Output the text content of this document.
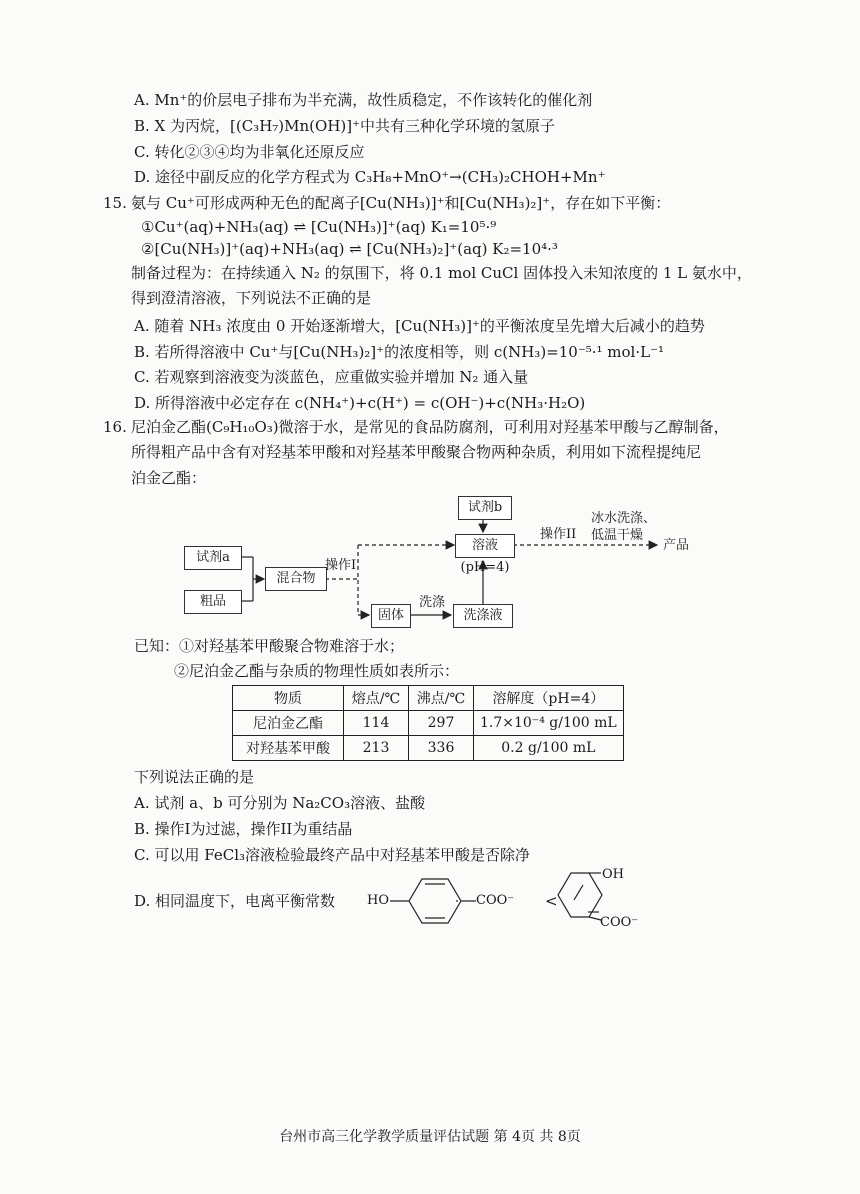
A. Mn⁺的价层电子排布为半充满，故性质稳定，不作该转化的催化剂
B. X 为丙烷，[(C₃H₇)Mn(OH)]⁺中共有三种化学环境的氢原子
C. 转化②③④均为非氧化还原反应
D. 途径中副反应的化学方程式为 C₃H₈+MnO⁺→(CH₃)₂CHOH+Mn⁺
15. 氨与 Cu⁺可形成两种无色的配离子[Cu(NH₃)]⁺和[Cu(NH₃)₂]⁺，存在如下平衡：
①Cu⁺(aq)+NH₃(aq) ⇌ [Cu(NH₃)]⁺(aq) K₁=10⁵·⁹
②[Cu(NH₃)]⁺(aq)+NH₃(aq) ⇌ [Cu(NH₃)₂]⁺(aq) K₂=10⁴·³
制备过程为：在持续通入 N₂ 的氛围下，将 0.1 mol CuCl 固体投入未知浓度的 1 L 氨水中，
得到澄清溶液，下列说法不正确的是
A. 随着 NH₃ 浓度由 0 开始逐渐增大，[Cu(NH₃)]⁺的平衡浓度呈先增大后减小的趋势
B. 若所得溶液中 Cu⁺与[Cu(NH₃)₂]⁺的浓度相等，则 c(NH₃)=10⁻⁵·¹ mol·L⁻¹
C. 若观察到溶液变为淡蓝色，应重做实验并增加 N₂ 通入量
D. 所得溶液中必定存在 c(NH₄⁺)+c(H⁺) = c(OH⁻)+c(NH₃·H₂O)
16. 尼泊金乙酯(C₉H₁₀O₃)微溶于水，是常见的食品防腐剂，可利用对羟基苯甲酸与乙醇制备，
所得粗产品中含有对羟基苯甲酸和对羟基苯甲酸聚合物两种杂质，利用如下流程提纯尼
泊金乙酯：
试剂a
粗品
混合物
操作I
试剂b
溶液(pH=4)
操作II
冰水洗涤、
低温干燥
产品
固体
洗涤
洗涤液
已知：①对羟基苯甲酸聚合物难溶于水；
②尼泊金乙酯与杂质的物理性质如表所示：
物质	熔点/℃	沸点/℃	溶解度（pH=4）
尼泊金乙酯	114	297	1.7×10⁻⁴ g/100 mL
对羟基苯甲酸	213	336	0.2 g/100 mL
下列说法正确的是
A. 试剂 a、b 可分别为 Na₂CO₃溶液、盐酸
B. 操作I为过滤，操作II为重结晶
C. 可以用 FeCl₃溶液检验最终产品中对羟基苯甲酸是否除净
D. 相同温度下，电离平衡常数 HO	COO⁻ <
OH
COO⁻
台州市高三化学教学质量评估试题 第 4页 共 8页
